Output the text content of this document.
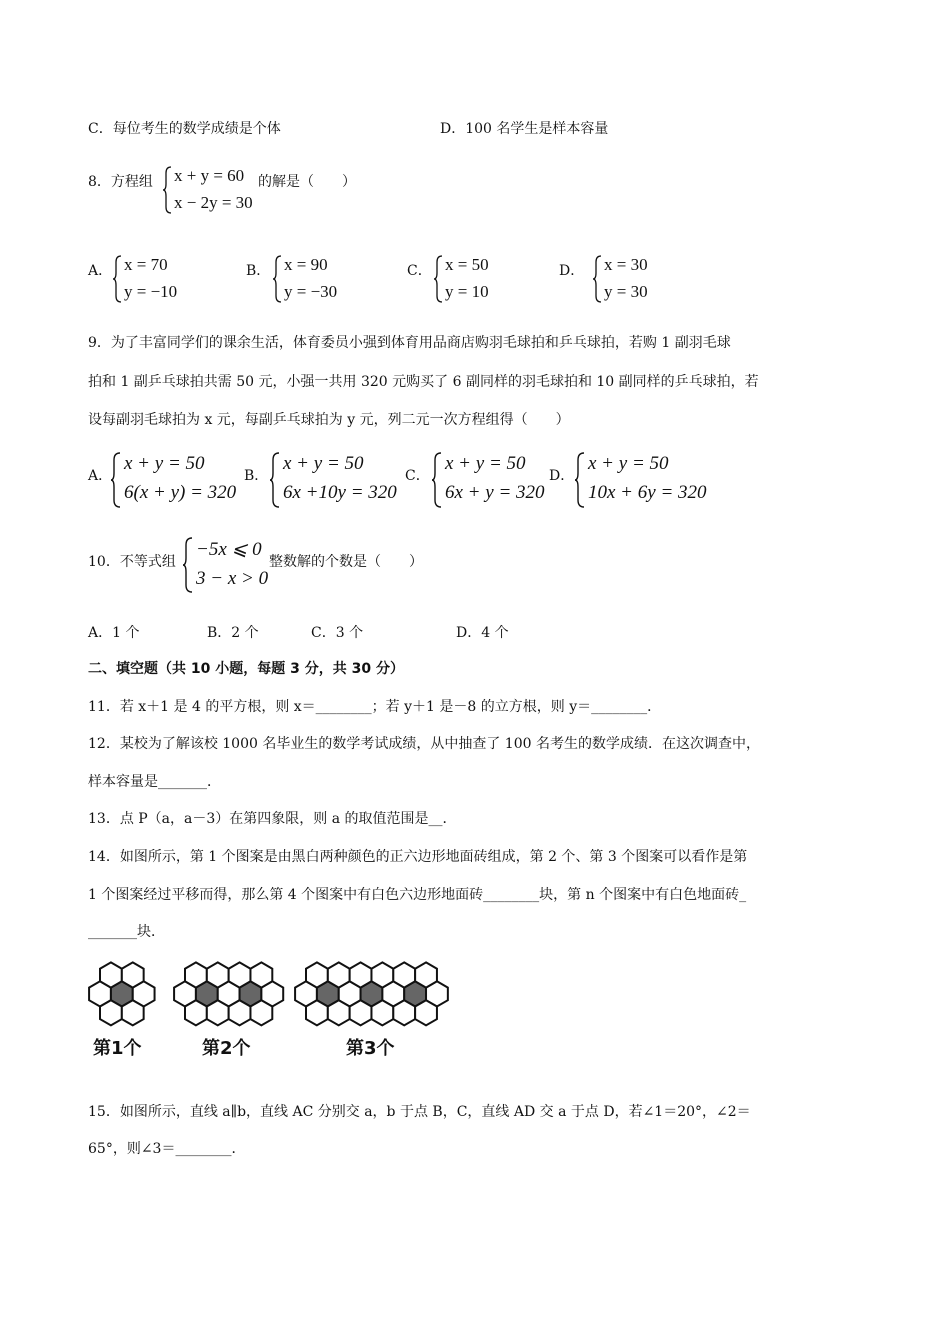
C．每位考生的数学成绩是个体	D．100 名学生是样本容量
8．方程组 x + y = 60
x − 2y = 30
的解是（　　）
A． x = 70
y = −10
B． x = 90
y = −30
C． x = 50
y = 10
D． x = 30
y = 30
9．为了丰富同学们的课余生活，体育委员小强到体育用品商店购羽毛球拍和乒乓球拍，若购 1 副羽毛球
拍和 1 副乒乓球拍共需 50 元，小强一共用 320 元购买了 6 副同样的羽毛球拍和 10 副同样的乒乓球拍，若
设每副羽毛球拍为 x 元，每副乒乓球拍为 y 元，列二元一次方程组得（　　）
A．
x + y = 50
6(x + y) = 320
B．
x + y = 50
6x +10y = 320
C．
x + y = 50
6x + y = 320
D．
x + y = 50
10x + 6y = 320
10．不等式组
−5x ⩽ 0
3 − x > 0
整数解的个数是（　　）
A．1 个	B．2 个	C．3 个	D．4 个
二、填空题（共 10 小题，每题 3 分，共 30 分）
11．若 x＋1 是 4 的平方根，则 x＝________；若 y＋1 是－8 的立方根，则 y＝________．
12．某校为了解该校 1000 名毕业生的数学考试成绩，从中抽查了 100 名考生的数学成绩．在这次调查中，
样本容量是_______．
13．点 P（a，a－3）在第四象限，则 a 的取值范围是__．
14．如图所示，第 1 个图案是由黑白两种颜色的正六边形地面砖组成，第 2 个、第 3 个图案可以看作是第
1 个图案经过平移而得，那么第 4 个图案中有白色六边形地面砖________块，第 n 个图案中有白色地面砖_
_______块．
第1个	第2个	第3个
15．如图所示，直线 a∥b，直线 AC 分别交 a，b 于点 B，C，直线 AD 交 a 于点 D，若∠1＝20°，∠2＝
65°，则∠3＝________．
